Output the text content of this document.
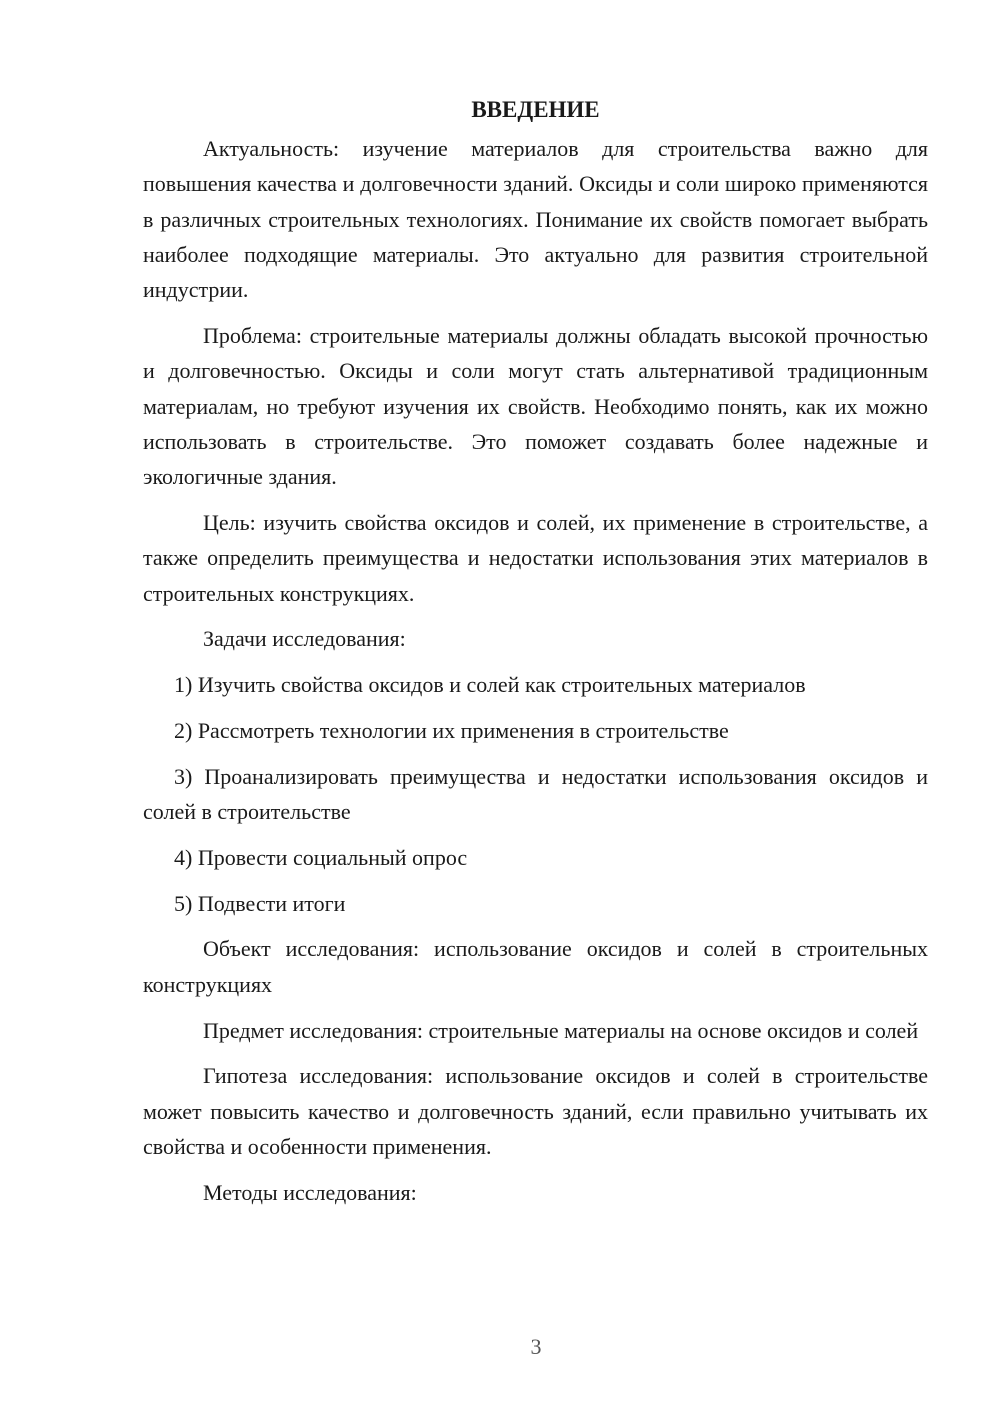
ВВЕДЕНИЕ

Актуальность: изучение материалов для строительства важно для повышения качества и долговечности зданий. Оксиды и соли широко применяются в различных строительных технологиях. Понимание их свойств помогает выбрать наиболее подходящие материалы. Это актуально для развития строительной индустрии.

Проблема: строительные материалы должны обладать высокой прочностью и долговечностью. Оксиды и соли могут стать альтернативой традиционным материалам, но требуют изучения их свойств. Необходимо понять, как их можно использовать в строительстве. Это поможет создавать более надежные и экологичные здания.

Цель: изучить свойства оксидов и солей, их применение в строительстве, а также определить преимущества и недостатки использования этих материалов в строительных конструкциях.

Задачи исследования:

1) Изучить свойства оксидов и солей как строительных материалов

2) Рассмотреть технологии их применения в строительстве

3) Проанализировать преимущества и недостатки использования оксидов и солей в строительстве

4) Провести социальный опрос

5) Подвести итоги

Объект исследования: использование оксидов и солей в строительных конструкциях

Предмет исследования: строительные материалы на основе оксидов и солей

Гипотеза исследования: использование оксидов и солей в строительстве может повысить качество и долговечность зданий, если правильно учитывать их свойства и особенности применения.

Методы исследования:

3
